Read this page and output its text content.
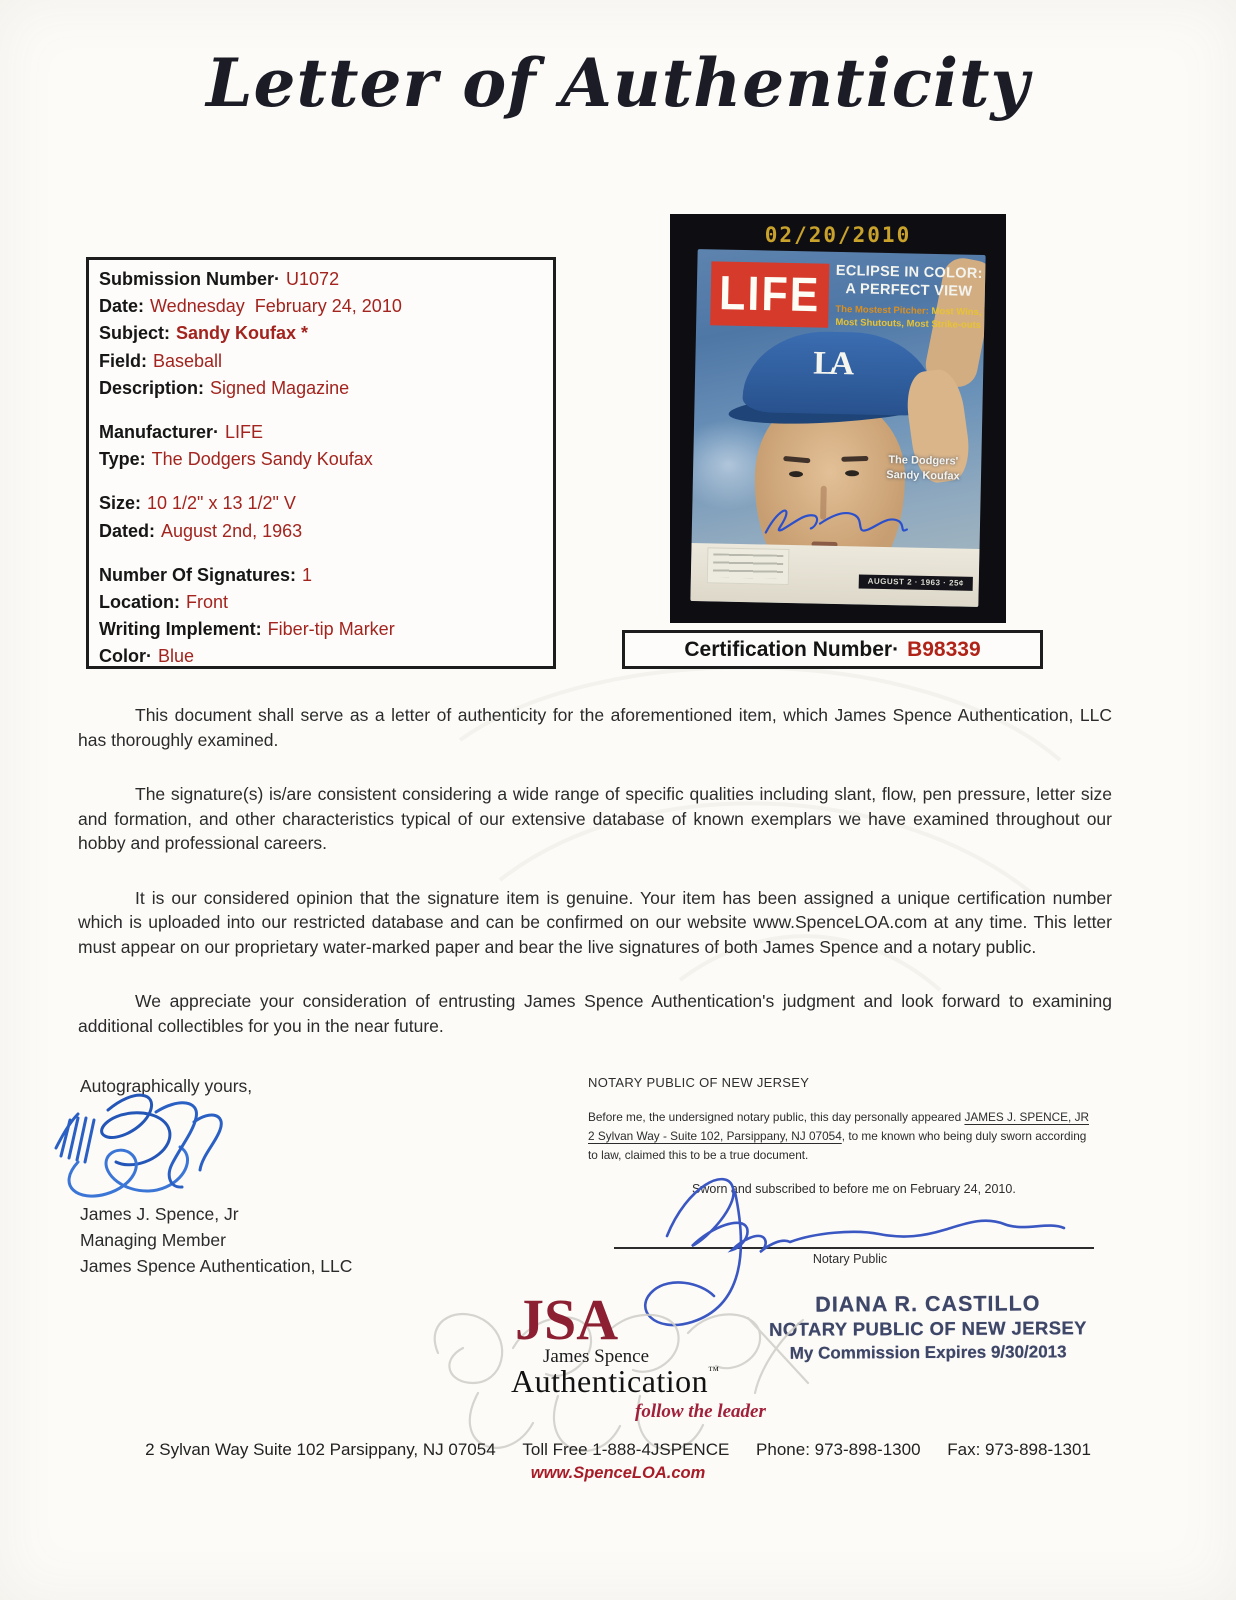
Letter of Authenticity
Submission Number· U1072
Date: Wednesday  February 24, 2010
Subject: Sandy Koufax *
Field: Baseball
Description: Signed Magazine
Manufacturer· LIFE
Type: The Dodgers Sandy Koufax
Size: 10 1/2" x 13 1/2" V
Dated: August 2nd, 1963
Number Of Signatures: 1
Location: Front
Writing Implement: Fiber-tip Marker
Color· Blue
02/20/2010
LA
LIFE ECLIPSE IN COLOR:
A PERFECT VIEW
The Mostest Pitcher: Most Wins,
Most Shutouts, Most Strike-outs
The Dodgers'
Sandy Koufax
AUGUST 2 · 1963 · 25¢
Certification Number· B98339

This document shall serve as a letter of authenticity for the aforementioned item, which James Spence Authentication, LLC has thoroughly examined.

The signature(s) is/are consistent considering a wide range of specific qualities including slant, flow, pen pressure, letter size and formation, and other characteristics typical of our extensive database of known exemplars we have examined throughout our hobby and professional careers.

It is our considered opinion that the signature item is genuine. Your item has been assigned a unique certification number which is uploaded into our restricted database and can be confirmed on our website www.SpenceLOA.com at any time. This letter must appear on our proprietary water-marked paper and bear the live signatures of both James Spence and a notary public.

We appreciate your consideration of entrusting James Spence Authentication's judgment and look forward to examining additional collectibles for you in the near future.

Autographically yours,
James J. Spence, Jr
Managing Member
James Spence Authentication, LLC
NOTARY PUBLIC OF NEW JERSEY
Before me, the undersigned notary public, this day personally appeared JAMES J. SPENCE, JR 2 Sylvan Way - Suite 102, Parsippany, NJ 07054, to me known who being duly sworn according to law, claimed this to be a true document.
Sworn and subscribed to before me on February 24, 2010.
Notary Public
DIANA R. CASTILLO
NOTARY PUBLIC OF NEW JERSEY
My Commission Expires 9/30/2013
JSA
James Spence
Authentication™
follow the leader
2 Sylvan Way Suite 102 Parsippany, NJ 07054 Toll Free 1-888-4JSPENCE Phone: 973-898-1300 Fax: 973-898-1301
www.SpenceLOA.com
